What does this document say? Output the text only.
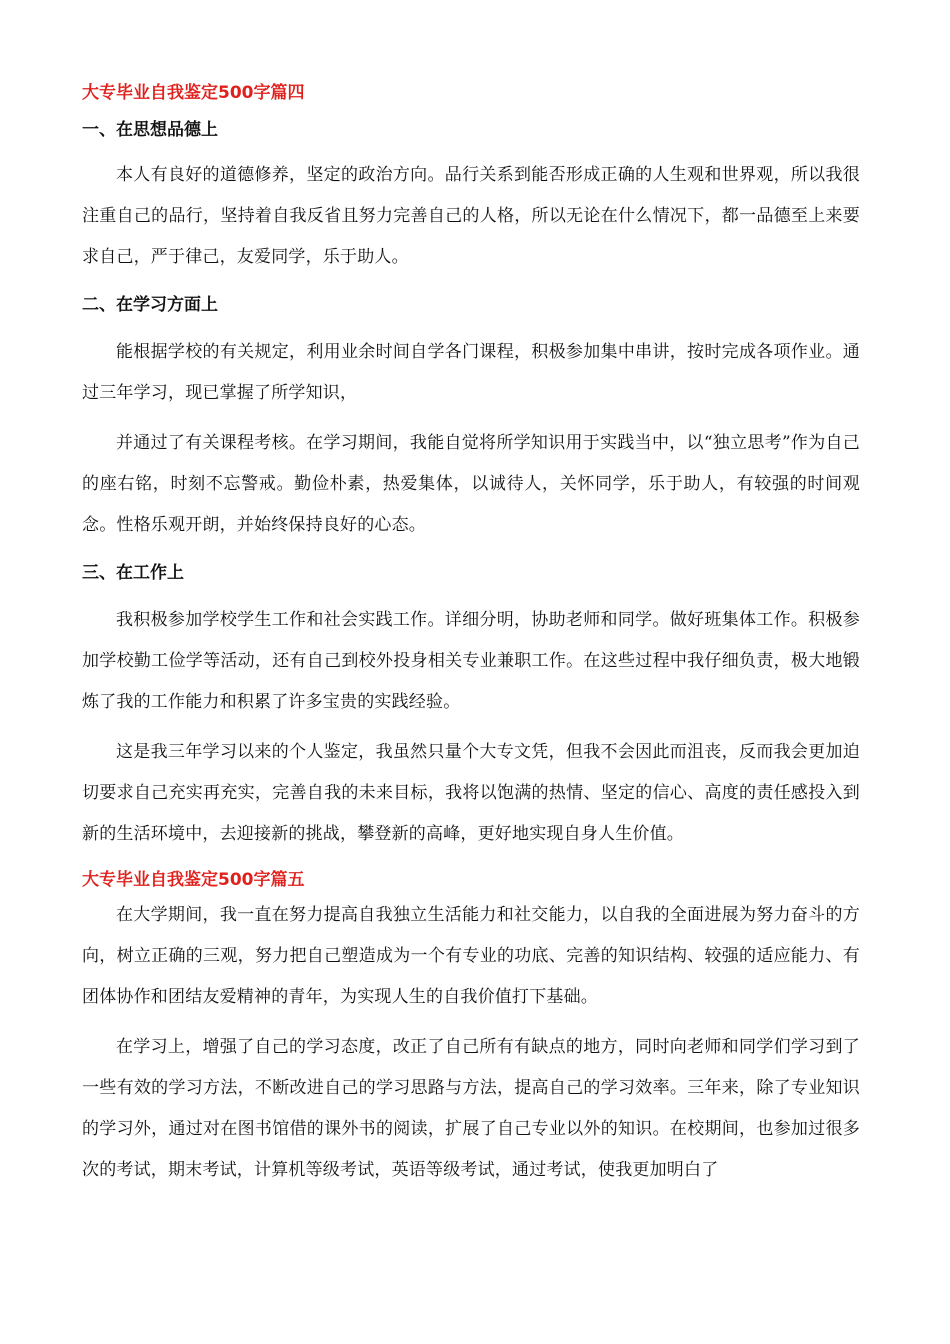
大专毕业自我鉴定500字篇四

一、在思想品德上

本人有良好的道德修养，坚定的政治方向。品行关系到能否形成正确的人生观和世界观，所以我很注重自己的品行，坚持着自我反省且努力完善自己的人格，所以无论在什么情况下，都一品德至上来要求自己，严于律己，友爱同学，乐于助人。

二、在学习方面上

能根据学校的有关规定，利用业余时间自学各门课程，积极参加集中串讲，按时完成各项作业。通过三年学习，现已掌握了所学知识，

并通过了有关课程考核。在学习期间，我能自觉将所学知识用于实践当中，以“独立思考”作为自己的座右铭，时刻不忘警戒。勤俭朴素，热爱集体，以诚待人，关怀同学，乐于助人，有较强的时间观念。性格乐观开朗，并始终保持良好的心态。

三、在工作上

我积极参加学校学生工作和社会实践工作。详细分明，协助老师和同学。做好班集体工作。积极参加学校勤工俭学等活动，还有自己到校外投身相关专业兼职工作。在这些过程中我仔细负责，极大地锻炼了我的工作能力和积累了许多宝贵的实践经验。

这是我三年学习以来的个人鉴定，我虽然只量个大专文凭，但我不会因此而沮丧，反而我会更加迫切要求自己充实再充实，完善自我的未来目标，我将以饱满的热情、坚定的信心、高度的责任感投入到新的生活环境中，去迎接新的挑战，攀登新的高峰，更好地实现自身人生价值。

大专毕业自我鉴定500字篇五

在大学期间，我一直在努力提高自我独立生活能力和社交能力，以自我的全面进展为努力奋斗的方向，树立正确的三观，努力把自己塑造成为一个有专业的功底、完善的知识结构、较强的适应能力、有团体协作和团结友爱精神的青年，为实现人生的自我价值打下基础。

在学习上，增强了自己的学习态度，改正了自己所有有缺点的地方，同时向老师和同学们学习到了一些有效的学习方法，不断改进自己的学习思路与方法，提高自己的学习效率。三年来，除了专业知识的学习外，通过对在图书馆借的课外书的阅读，扩展了自己专业以外的知识。在校期间，也参加过很多次的考试，期末考试，计算机等级考试，英语等级考试，通过考试，使我更加明白了
